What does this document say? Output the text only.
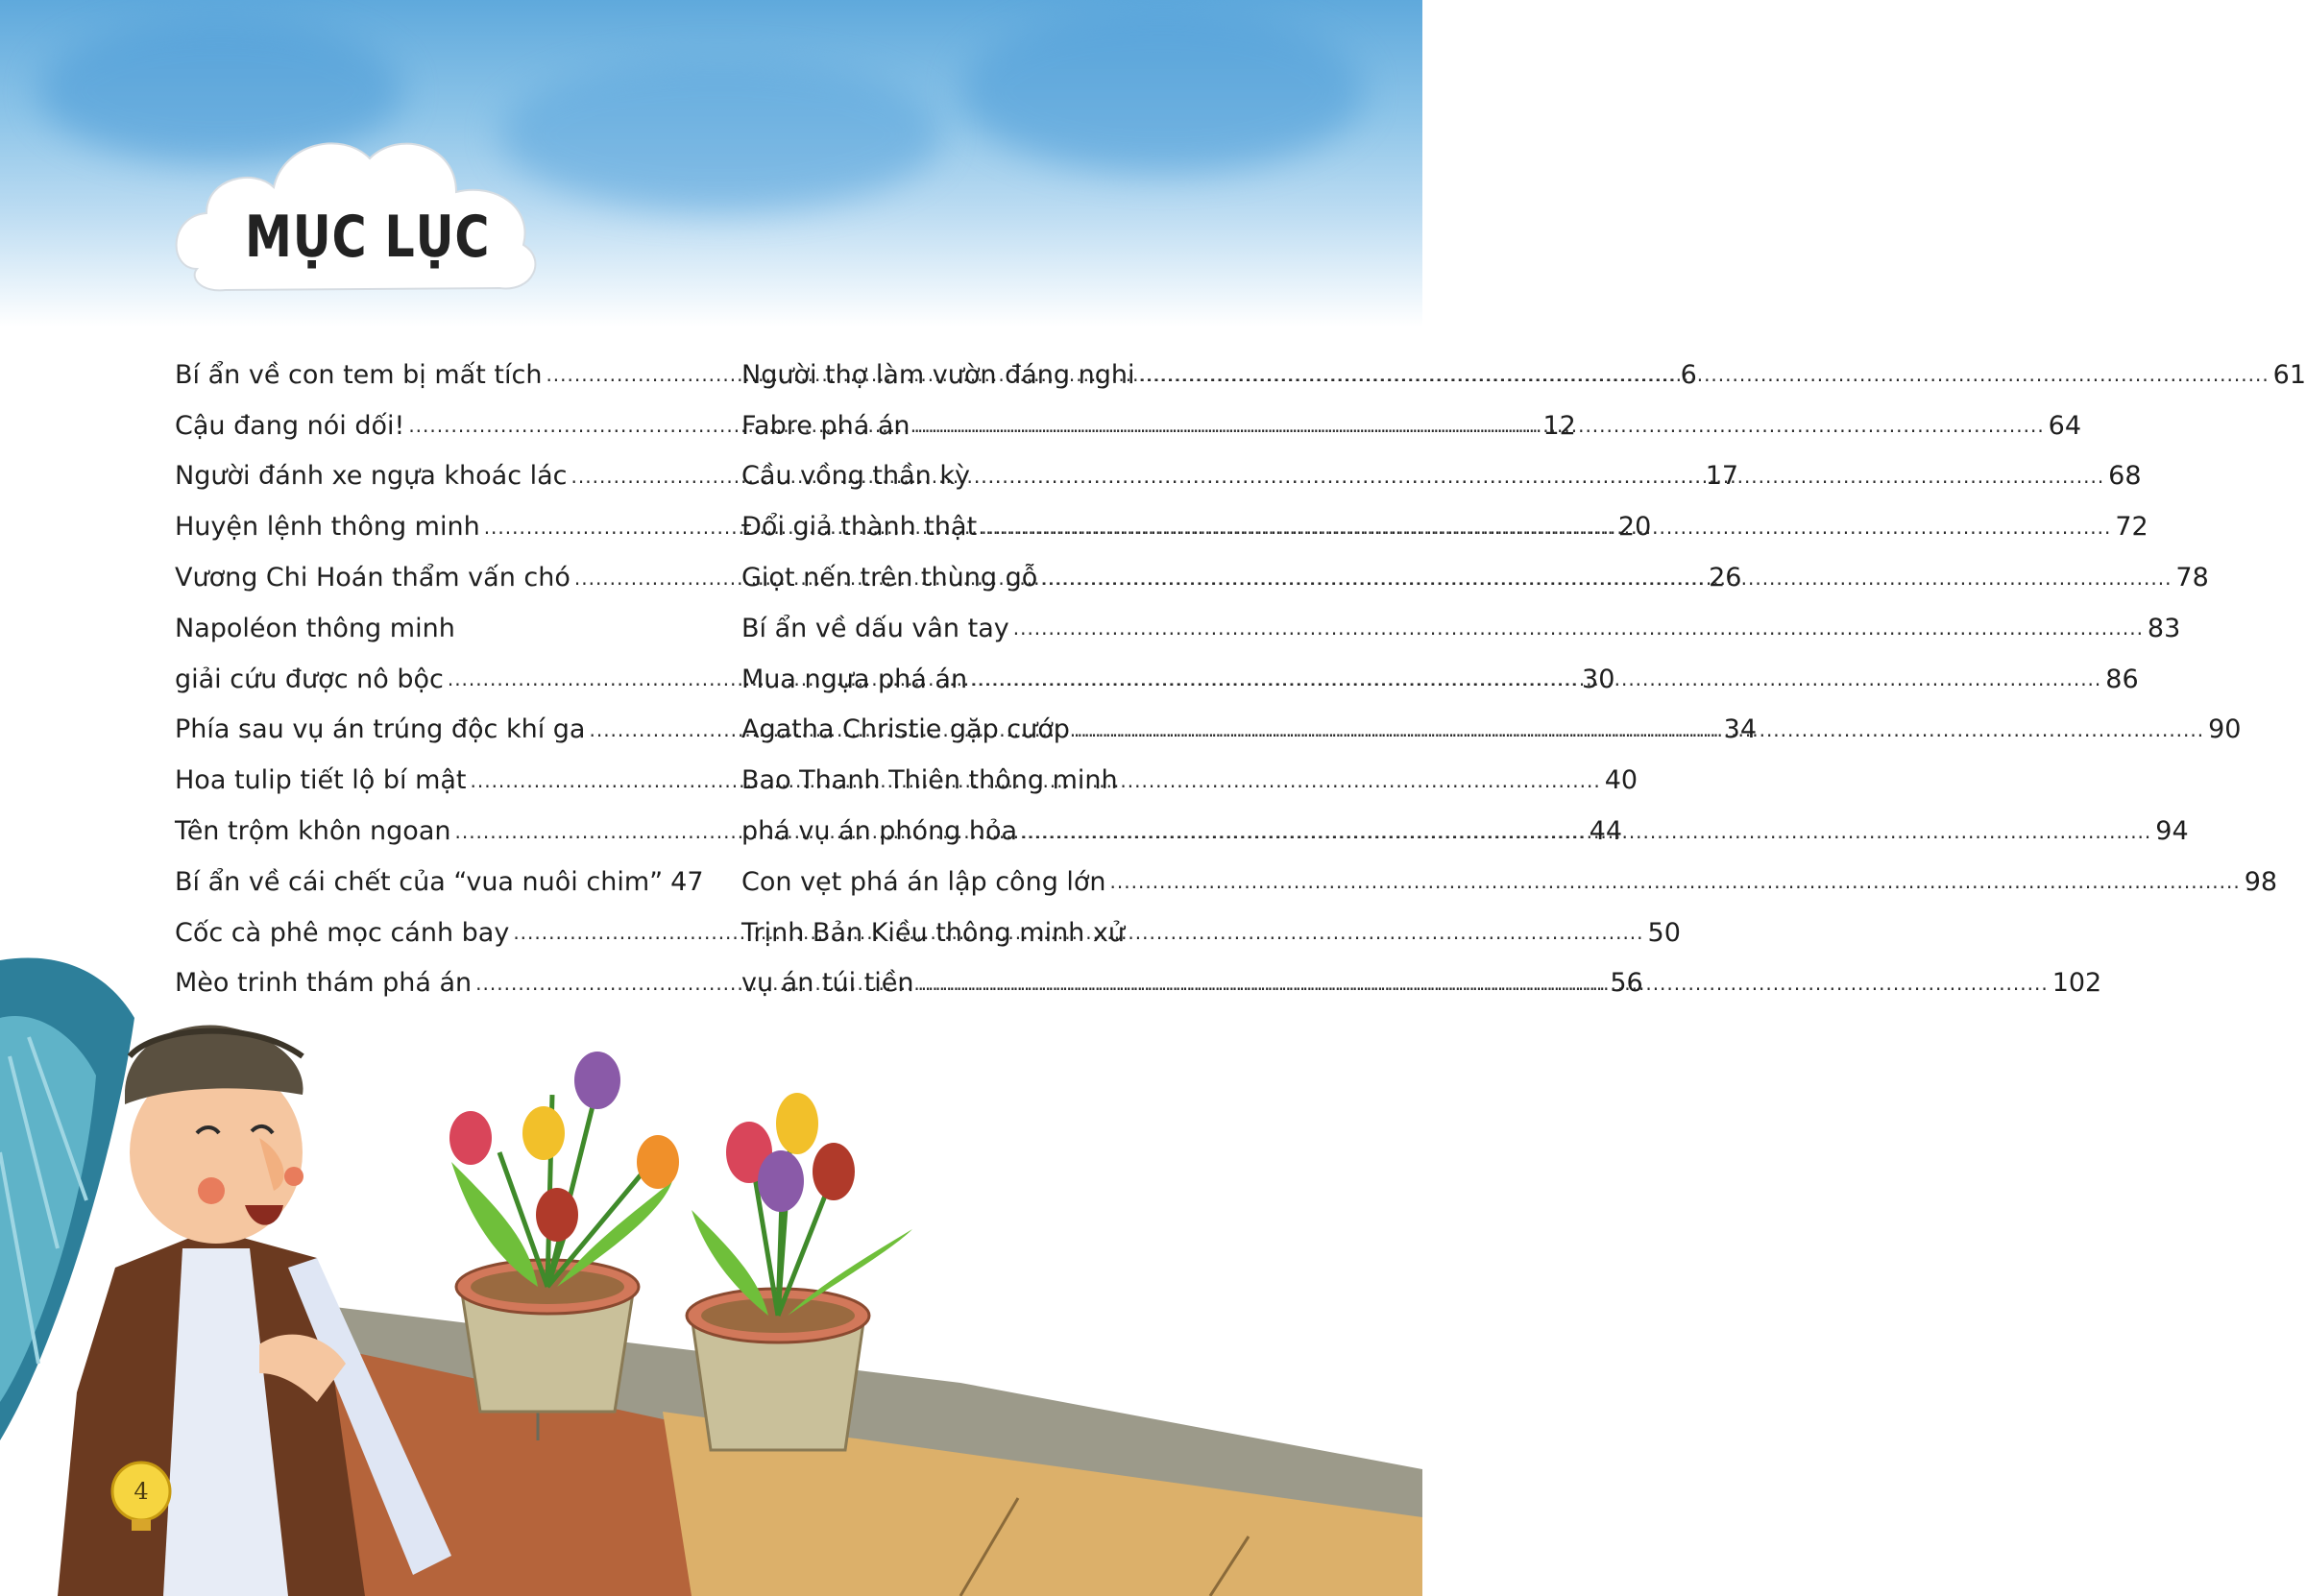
MỤC LỤC
Bí ẩn về con tem bị mất tích .....	6
Cậu đang nói dối! .....	12
Người đánh xe ngựa khoác lác .....	17
Huyện lệnh thông minh .....	20
Vương Chi Hoán thẩm vấn chó .....	26
Napoléon thông minh
giải cứu được nô bộc .....	30
Phía sau vụ án trúng độc khí ga .....	34
Hoa tulip tiết lộ bí mật .....	40
Tên trộm khôn ngoan .....	44
Bí ẩn về cái chết của “vua nuôi chim” 47
Cốc cà phê mọc cánh bay .....	50
Mèo trinh thám phá án .....	56
Người thợ làm vườn đáng nghi .....	61
Fabre phá án .....	64
Cầu vồng thần kỳ .....	68
Đổi giả thành thật .....	72
Giọt nến trên thùng gỗ .....	78
Bí ẩn về dấu vân tay .....	83
Mua ngựa phá án .....	86
Agatha Christie gặp cướp .....	90
Bao Thanh Thiên thông minh
phá vụ án phóng hỏa .....	94
Con vẹt phá án lập công lớn .....	98
Trịnh Bản Kiều thông minh xử
vụ án túi tiền .....	102
4
